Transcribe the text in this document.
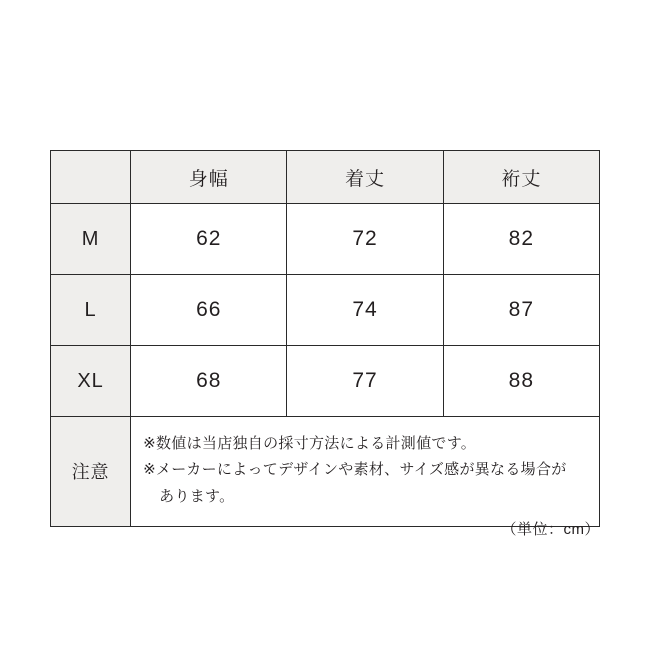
	身幅	着丈	裄丈
M	62	72	82
L	66	74	87
XL	68	77	88
注意	※数値は当店独自の採寸方法による計測値です。
※メーカーによってデザインや素材、サイズ感が異なる場合が
あります。		
（単位：cm）
